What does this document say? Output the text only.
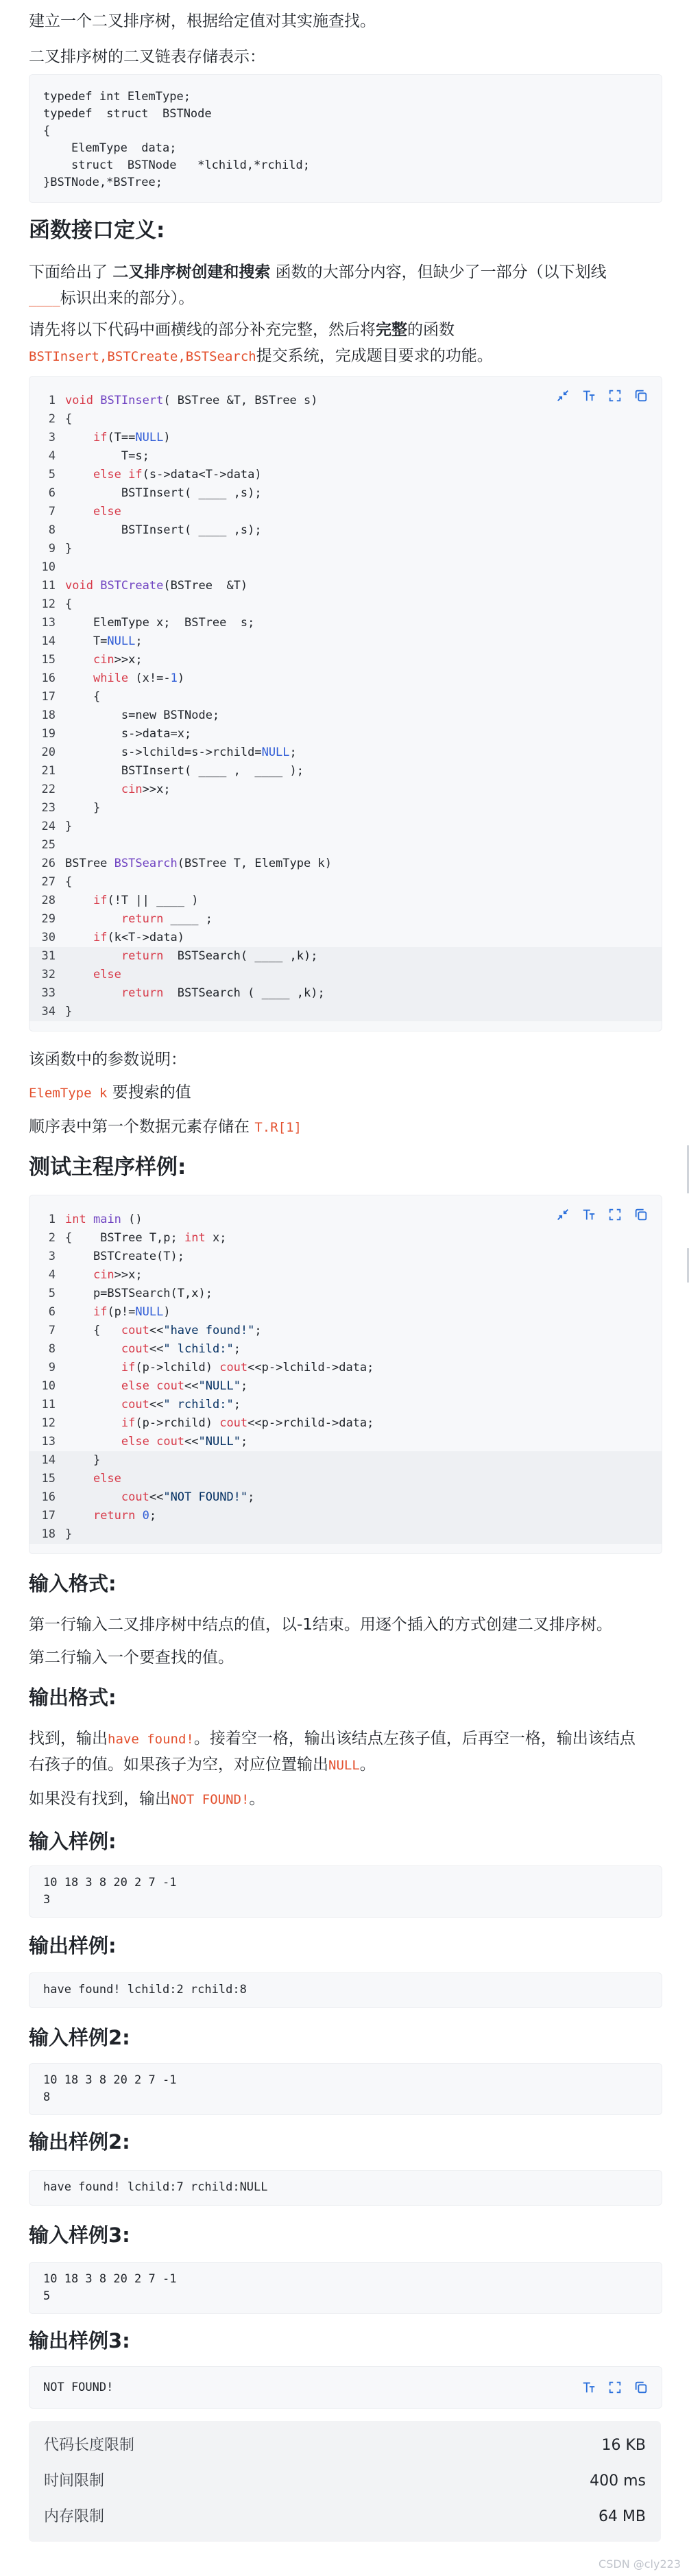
建立一个二叉排序树，根据给定值对其实施查找。

二叉排序树的二叉链表存储表示：

typedef int ElemType;
typedef  struct  BSTNode
{
ElemType  data;
struct  BSTNode   *lchild,*rchild;
}BSTNode,*BSTree;
函数接口定义:

下面给出了 二叉排序树创建和搜索 函数的大部分内容，但缺少了一部分（以下划线

____标识出来的部分）。

请先将以下代码中画横线的部分补充完整，然后将完整的函数

BSTInsert,BSTCreate,BSTSearch提交系统，完成题目要求的功能。

1 void BSTInsert( BSTree &T, BSTree s)
2 {
3	if(T==NULL)
4        T=s;
5	else if(s->data<T->data)
6        BSTInsert( ____ ,s);
7	else
8        BSTInsert( ____ ,s);
9 }
10
11 void BSTCreate(BSTree  &T)
12 {
13    ElemType x;  BSTree  s;
14    T=NULL;
15	cin>>x;
16	while (x!=-1)
17    {
18        s=new BSTNode;
19        s->data=x;
20        s->lchild=s->rchild=NULL;
21        BSTInsert( ____ ,  ____ );
22	cin>>x;
23    }
24 }
25
26 BSTree BSTSearch(BSTree T, ElemType k)
27 {
28	if(!T || ____ )
29	return ____ ;
30	if(k<T->data)
31	return  BSTSearch( ____ ,k);
32	else
33	return  BSTSearch ( ____ ,k);
34 }

该函数中的参数说明：

ElemType k 要搜索的值

顺序表中第一个数据元素存储在 T.R[1]

测试主程序样例:
1 int main ()
2 {    BSTree T,p; int x;
3    BSTCreate(T);
4	cin>>x;
5    p=BSTSearch(T,x);
6	if(p!=NULL)
7    {   cout<<"have found!";
8	cout<<" lchild:";
9	if(p->lchild) cout<<p->lchild->data;
10	else cout<<"NULL";
11	cout<<" rchild:";
12	if(p->rchild) cout<<p->rchild->data;
13	else cout<<"NULL";
14    }
15	else
16	cout<<"NOT FOUND!";
17	return 0;
18 }
输入格式:

第一行输入二叉排序树中结点的值，以-1结束。用逐个插入的方式创建二叉排序树。

第二行输入一个要查找的值。

输出格式:

找到，输出have found!。接着空一格，输出该结点左孩子值，后再空一格，输出该结点

右孩子的值。如果孩子为空，对应位置输出NULL。

如果没有找到，输出NOT FOUND!。

输入样例:
10 18 3 8 20 2 7 -1
3
输出样例:
have found! lchild:2 rchild:8
输入样例2:
10 18 3 8 20 2 7 -1
8
输出样例2:
have found! lchild:7 rchild:NULL
输入样例3:
10 18 3 8 20 2 7 -1
5
输出样例3:
NOT FOUND!
代码长度限制	16 KB
时间限制	400 ms
内存限制	64 MB
CSDN @cly223
